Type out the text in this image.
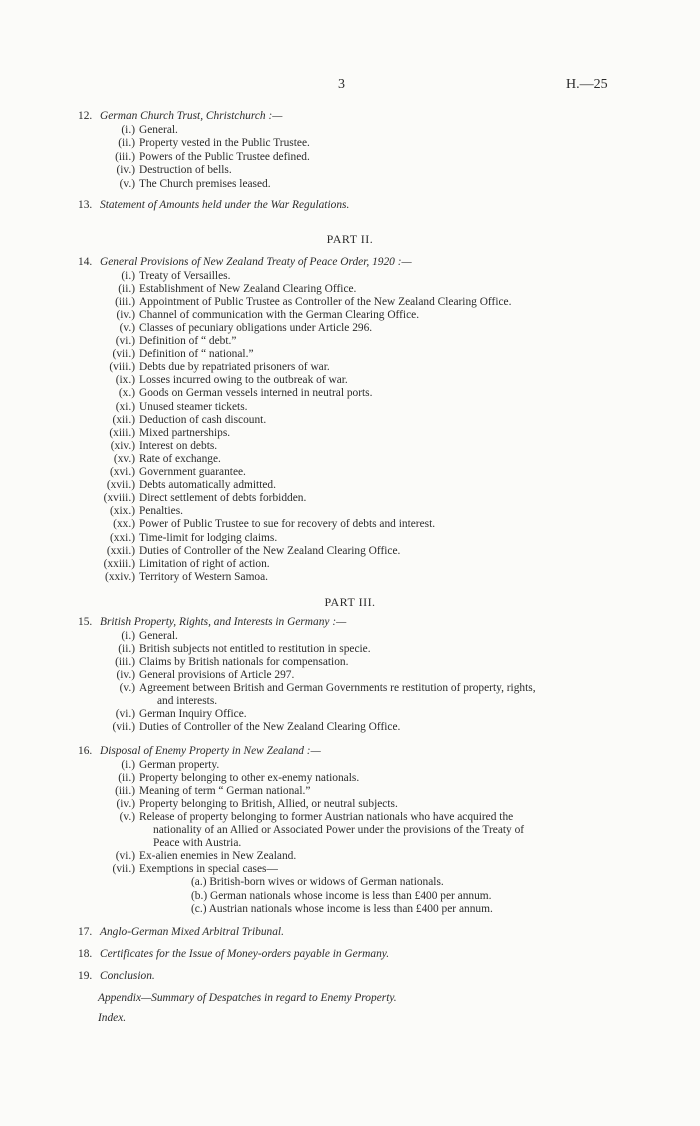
3	H.—25
12. German Church Trust, Christchurch :—
(i.) General.
(ii.) Property vested in the Public Trustee.
(iii.) Powers of the Public Trustee defined.
(iv.) Destruction of bells.
(v.) The Church premises leased.
13. Statement of Amounts held under the War Regulations.
PART II.
14. General Provisions of New Zealand Treaty of Peace Order, 1920 :—
(i.) Treaty of Versailles.
(ii.) Establishment of New Zealand Clearing Office.
(iii.) Appointment of Public Trustee as Controller of the New Zealand Clearing Office.
(iv.) Channel of communication with the German Clearing Office.
(v.) Classes of pecuniary obligations under Article 296.
(vi.) Definition of “ debt.”
(vii.) Definition of “ national.”
(viii.) Debts due by repatriated prisoners of war.
(ix.) Losses incurred owing to the outbreak of war.
(x.) Goods on German vessels interned in neutral ports.
(xi.) Unused steamer tickets.
(xii.) Deduction of cash discount.
(xiii.) Mixed partnerships.
(xiv.) Interest on debts.
(xv.) Rate of exchange.
(xvi.) Government guarantee.
(xvii.) Debts automatically admitted.
(xviii.) Direct settlement of debts forbidden.
(xix.) Penalties.
(xx.) Power of Public Trustee to sue for recovery of debts and interest.
(xxi.) Time-limit for lodging claims.
(xxii.) Duties of Controller of the New Zealand Clearing Office.
(xxiii.) Limitation of right of action.
(xxiv.) Territory of Western Samoa.
PART III.
15. British Property, Rights, and Interests in Germany :—
(i.) General.
(ii.) British subjects not entitled to restitution in specie.
(iii.) Claims by British nationals for compensation.
(iv.) General provisions of Article 297.
(v.) Agreement between British and German Governments re restitution of property, rights,
and interests.
(vi.) German Inquiry Office.
(vii.) Duties of Controller of the New Zealand Clearing Office.
16. Disposal of Enemy Property in New Zealand :—
(i.) German property.
(ii.) Property belonging to other ex-enemy nationals.
(iii.) Meaning of term “ German national.”
(iv.) Property belonging to British, Allied, or neutral subjects.
(v.) Release of property belonging to former Austrian nationals who have acquired the
nationality of an Allied or Associated Power under the provisions of the Treaty of
Peace with Austria.
(vi.) Ex-alien enemies in New Zealand.
(vii.) Exemptions in special cases—
(a.) British-born wives or widows of German nationals.
(b.) German nationals whose income is less than £400 per annum.
(c.) Austrian nationals whose income is less than £400 per annum.
17. Anglo-German Mixed Arbitral Tribunal.
18. Certificates for the Issue of Money-orders payable in Germany.
19. Conclusion.
Appendix—Summary of Despatches in regard to Enemy Property.
Index.
